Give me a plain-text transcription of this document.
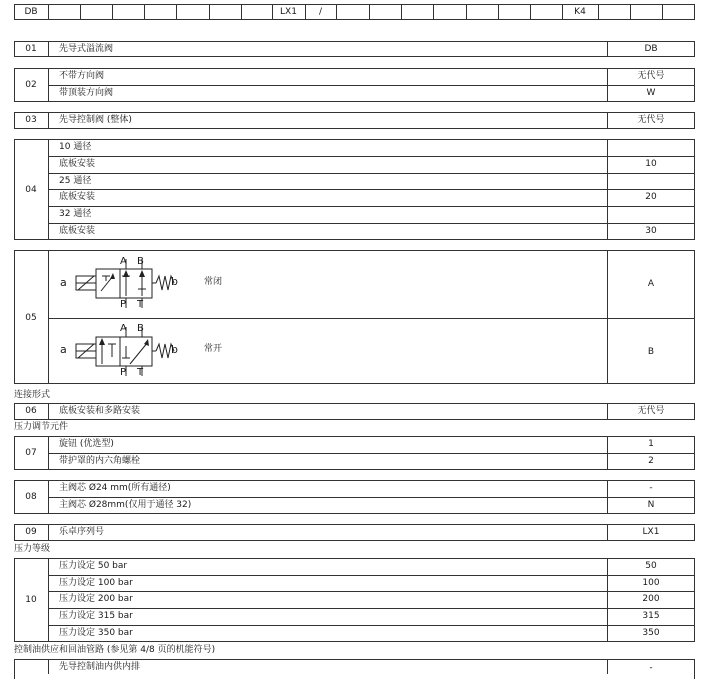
DB	LX1	/	K4
01	先导式溢流阀	DB
02
不带方向阀	无代号
带顶装方向阀	W
03	先导控制阀 (整体)	无代号
04
10 通径
底板安装	10
25 通径
底板安装	20
32 通径
底板安装	30
05
A B
P T
a	b	常闭	A
A B
P T
a	b	常开	B
连接形式
06	底板安装和多路安装	无代号
压力调节元件
07
旋钮 (优选型)	1
带护罩的内六角螺栓	2
08
主阀芯 Ø24 mm(所有通径)	-
主阀芯 Ø28mm(仅用于通径 32)	N
09	乐卓序列号	LX1
压力等级
10
压力设定 50 bar	50
压力设定 100 bar	100
压力设定 200 bar	200
压力设定 315 bar	315
压力设定 350 bar	350
控制油供应和回油管路 (参见第 4/8 页的机能符号)
先导控制油内供内排	-
